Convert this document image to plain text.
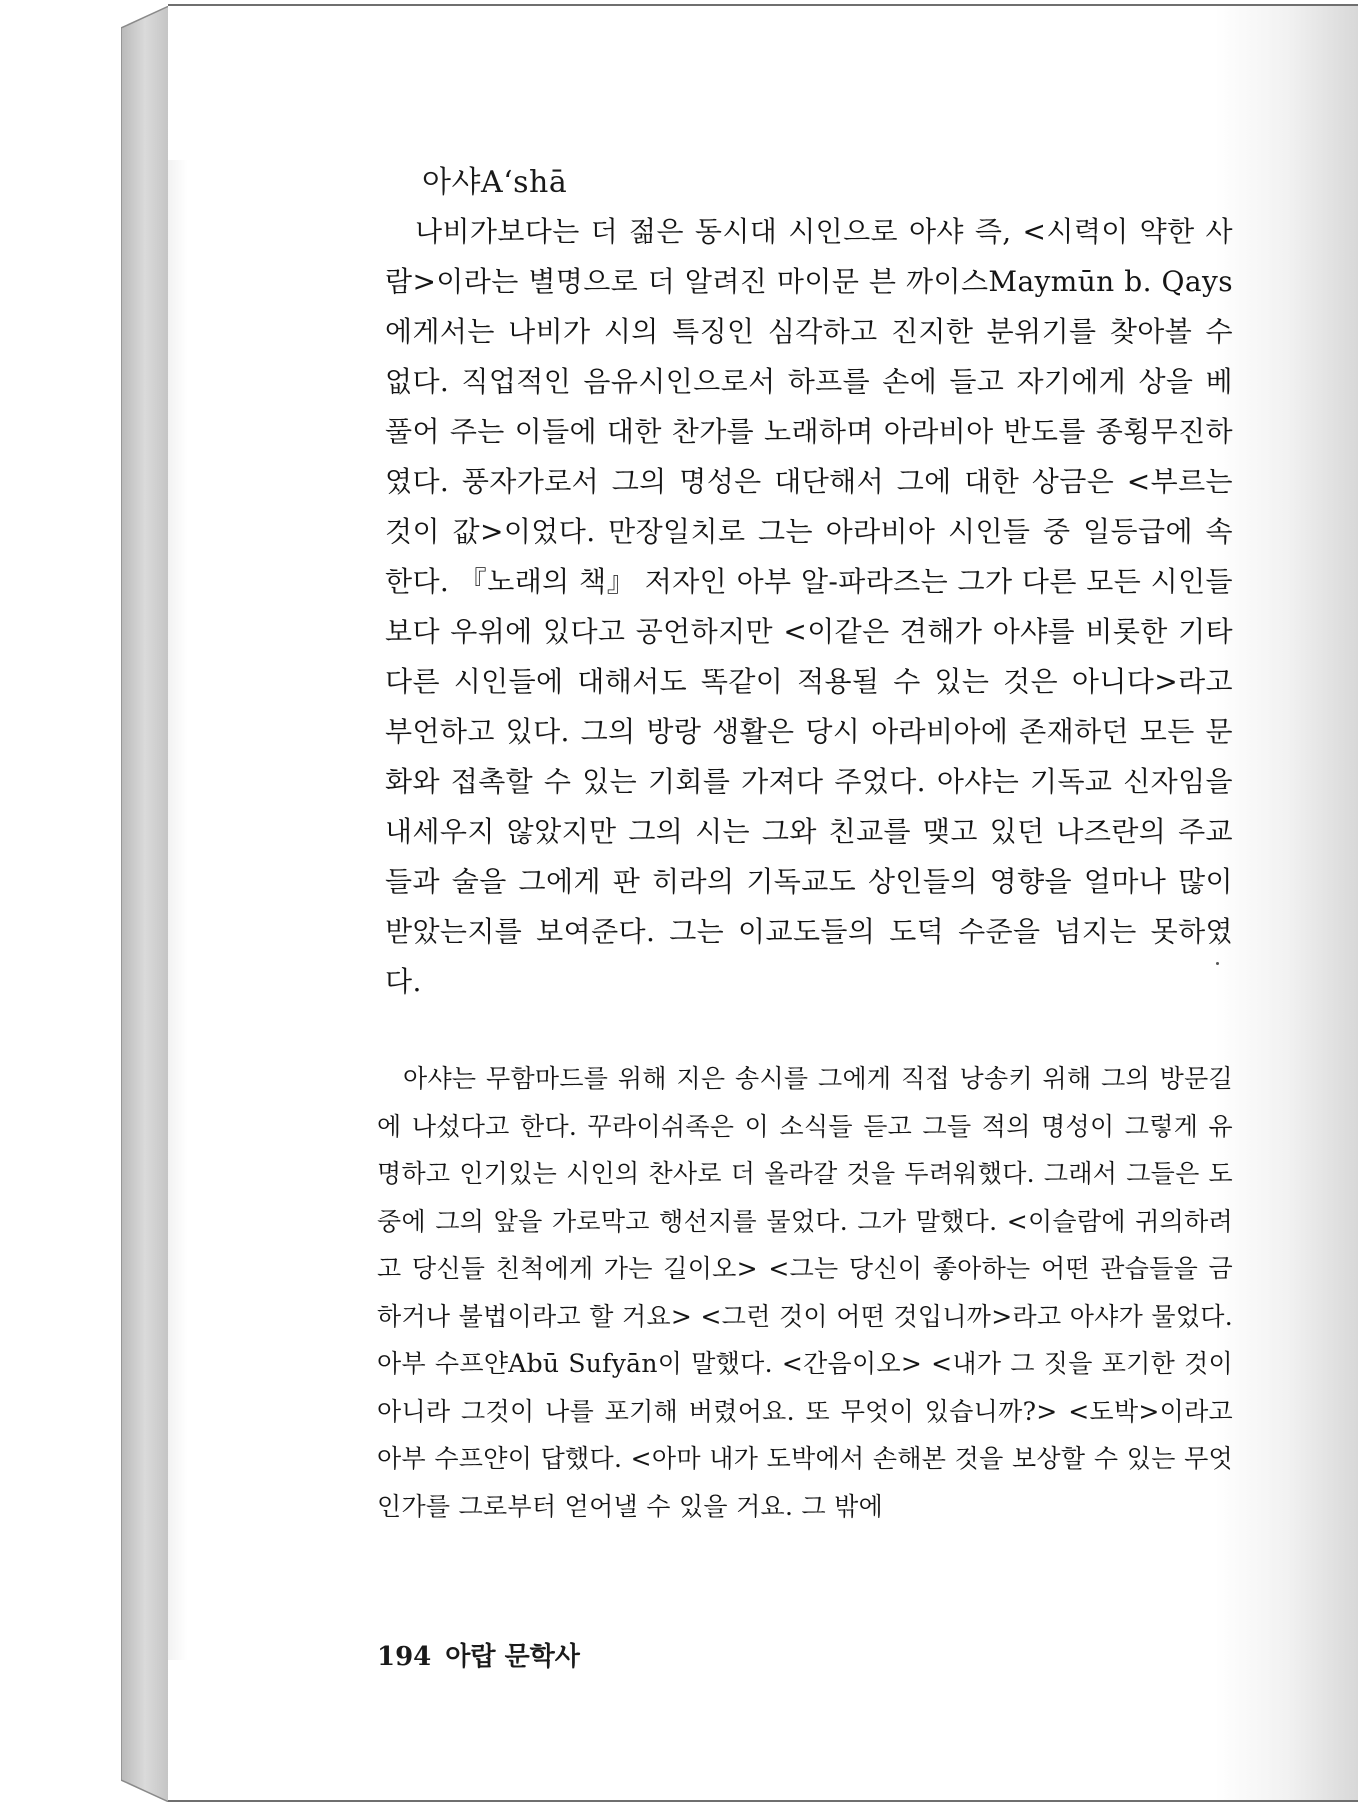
아샤A‘shā

나비가보다는 더 젊은 동시대 시인으로 아샤 즉, <시력이 약한 사람>이라는 별명으로 더 알려진 마이문 븐 까이스Maymūn b. Qays에게서는 나비가 시의 특징인 심각하고 진지한 분위기를 찾아볼 수 없다. 직업적인 음유시인으로서 하프를 손에 들고 자기에게 상을 베풀어 주는 이들에 대한 찬가를 노래하며 아라비아 반도를 종횡무진하였다. 풍자가로서 그의 명성은 대단해서 그에 대한 상금은 <부르는 것이 값>이었다. 만장일치로 그는 아라비아 시인들 중 일등급에 속한다. 『노래의 책』 저자인 아부 알-파라즈는 그가 다른 모든 시인들보다 우위에 있다고 공언하지만 <이같은 견해가 아샤를 비롯한 기타 다른 시인들에 대해서도 똑같이 적용될 수 있는 것은 아니다>라고 부언하고 있다. 그의 방랑 생활은 당시 아라비아에 존재하던 모든 문화와 접촉할 수 있는 기회를 가져다 주었다. 아샤는 기독교 신자임을 내세우지 않았지만 그의 시는 그와 친교를 맺고 있던 나즈란의 주교들과 술을 그에게 판 히라의 기독교도 상인들의 영향을 얼마나 많이 받았는지를 보여준다. 그는 이교도들의 도덕 수준을 넘지는 못하였다.

아샤는 무함마드를 위해 지은 송시를 그에게 직접 낭송키 위해 그의 방문길에 나섰다고 한다. 꾸라이쉬족은 이 소식들 듣고 그들 적의 명성이 그렇게 유명하고 인기있는 시인의 찬사로 더 올라갈 것을 두려워했다. 그래서 그들은 도중에 그의 앞을 가로막고 행선지를 물었다. 그가 말했다. <이슬람에 귀의하려고 당신들 친척에게 가는 길이오> <그는 당신이 좋아하는 어떤 관습들을 금하거나 불법이라고 할 거요> <그런 것이 어떤 것입니까>라고 아샤가 물었다. 아부 수프얀Abū Sufyān이 말했다. <간음이오> <내가 그 짓을 포기한 것이 아니라 그것이 나를 포기해 버렸어요. 또 무엇이 있습니까?> <도박>이라고 아부 수프얀이 답했다. <아마 내가 도박에서 손해본 것을 보상할 수 있는 무엇인가를 그로부터 얻어낼 수 있을 거요. 그 밖에

194 아랍 문학사
